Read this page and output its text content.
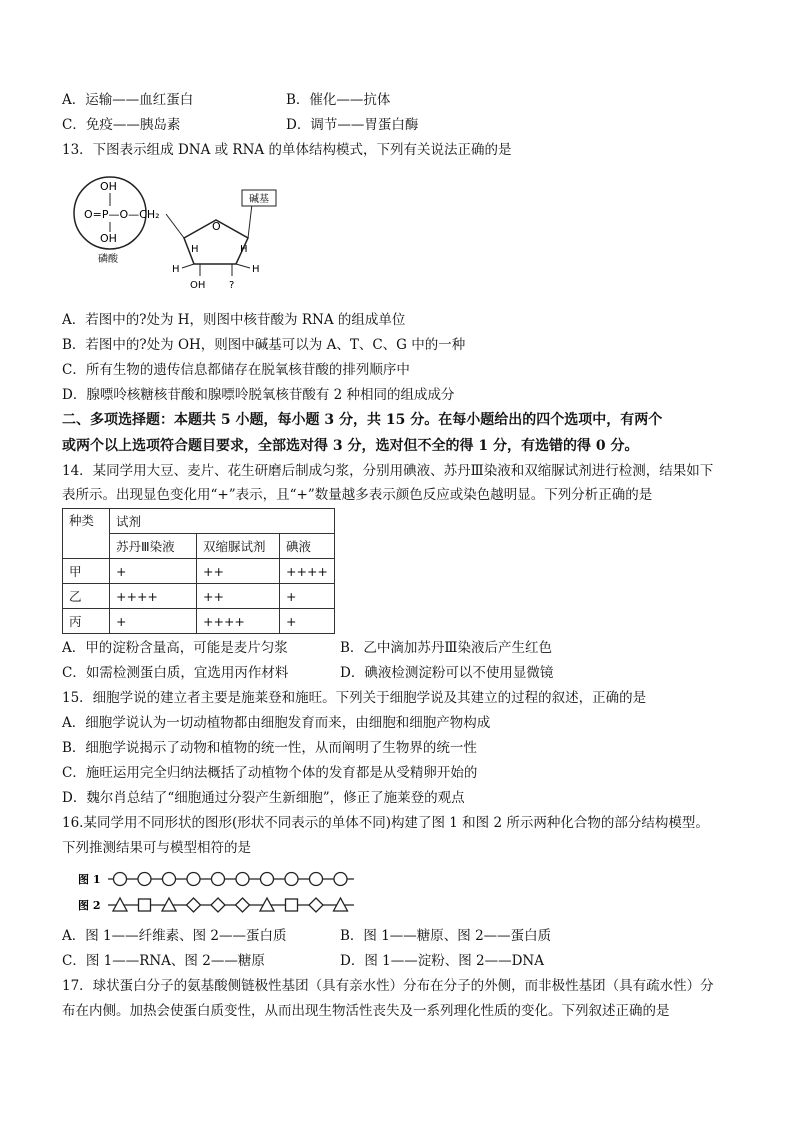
A．运输——血红蛋白	B．催化——抗体
C．免疫——胰岛素	D．调节——胃蛋白酶
13．下图表示组成 DNA 或 RNA 的单体结构模式，下列有关说法正确的是
OH
O=P—O—CH₂
OH
磷酸
O
碱基
H	H
H	H
OH ?
A．若图中的?处为 H，则图中核苷酸为 RNA 的组成单位
B．若图中的?处为 OH，则图中碱基可以为 A、T、C、G 中的一种
C．所有生物的遗传信息都储存在脱氧核苷酸的排列顺序中
D．腺嘌呤核糖核苷酸和腺嘌呤脱氧核苷酸有 2 种相同的组成成分
二、多项选择题：本题共 5 小题，每小题 3 分，共 15 分。在每小题给出的四个选项中，有两个
或两个以上选项符合题目要求，全部选对得 3 分，选对但不全的得 1 分，有选错的得 0 分。
14．某同学用大豆、麦片、花生研磨后制成匀浆，分别用碘液、苏丹Ⅲ染液和双缩脲试剂进行检测，结果如下
表所示。出现显色变化用“+”表示，且“+”数量越多表示颜色反应或染色越明显。下列分析正确的是
种类	试剂		
	苏丹Ⅲ染液	双缩脲试剂	碘液
甲	+	++	++++
乙	++++	++	+
丙	+	++++	+
A．甲的淀粉含量高，可能是麦片匀浆	B．乙中滴加苏丹Ⅲ染液后产生红色
C．如需检测蛋白质，宜选用丙作材料	D．碘液检测淀粉可以不使用显微镜
15．细胞学说的建立者主要是施莱登和施旺。下列关于细胞学说及其建立的过程的叙述，正确的是
A．细胞学说认为一切动植物都由细胞发育而来，由细胞和细胞产物构成
B．细胞学说揭示了动物和植物的统一性，从而阐明了生物界的统一性
C．施旺运用完全归纳法概括了动植物个体的发育都是从受精卵开始的
D．魏尔肖总结了“细胞通过分裂产生新细胞”，修正了施莱登的观点
16.某同学用不同形状的图形(形状不同表示的单体不同)构建了图 1 和图 2 所示两种化合物的部分结构模型。
下列推测结果可与模型相符的是
图 1
图 2
A．图 1——纤维素、图 2——蛋白质	B．图 1——糖原、图 2——蛋白质
C．图 1——RNA、图 2——糖原	D．图 1——淀粉、图 2——DNA
17．球状蛋白分子的氨基酸侧链极性基团（具有亲水性）分布在分子的外侧，而非极性基团（具有疏水性）分
布在内侧。加热会使蛋白质变性，从而出现生物活性丧失及一系列理化性质的变化。下列叙述正确的是
